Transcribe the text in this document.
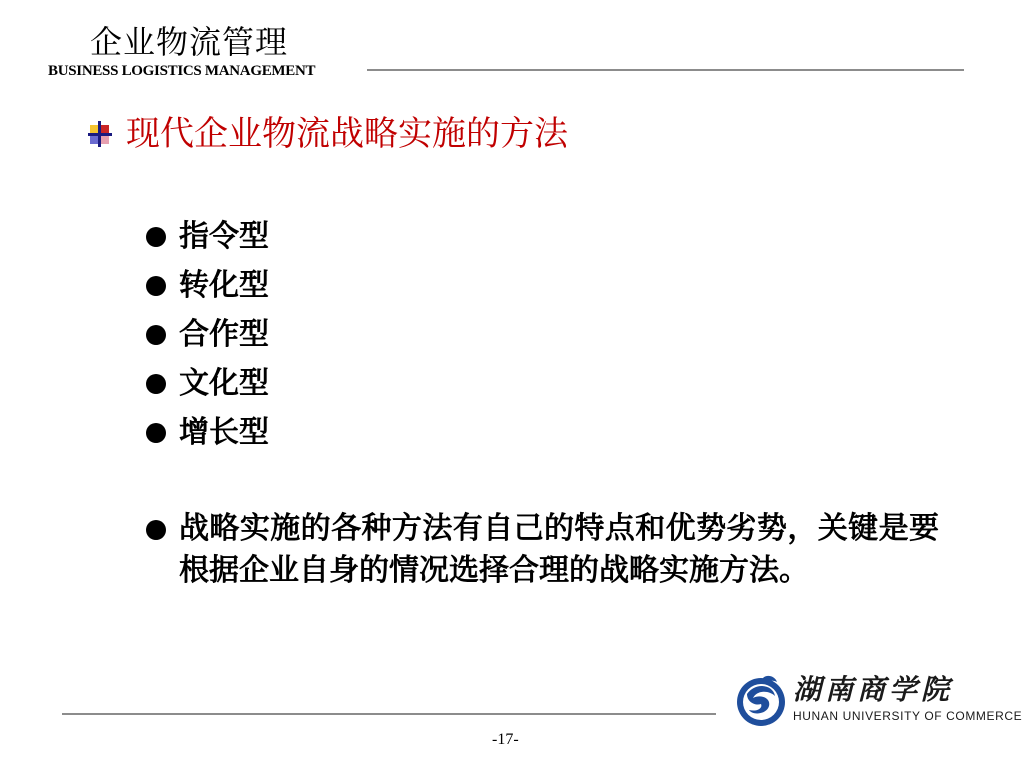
企业物流管理
BUSINESS LOGISTICS MANAGEMENT
现代企业物流战略实施的方法
指令型
转化型
合作型
文化型
增长型
战略实施的各种方法有自己的特点和优势劣势，关键是要根据企业自身的情况选择合理的战略实施方法。
-17-
湖南商学院
HUNAN UNIVERSITY OF COMMERCE
